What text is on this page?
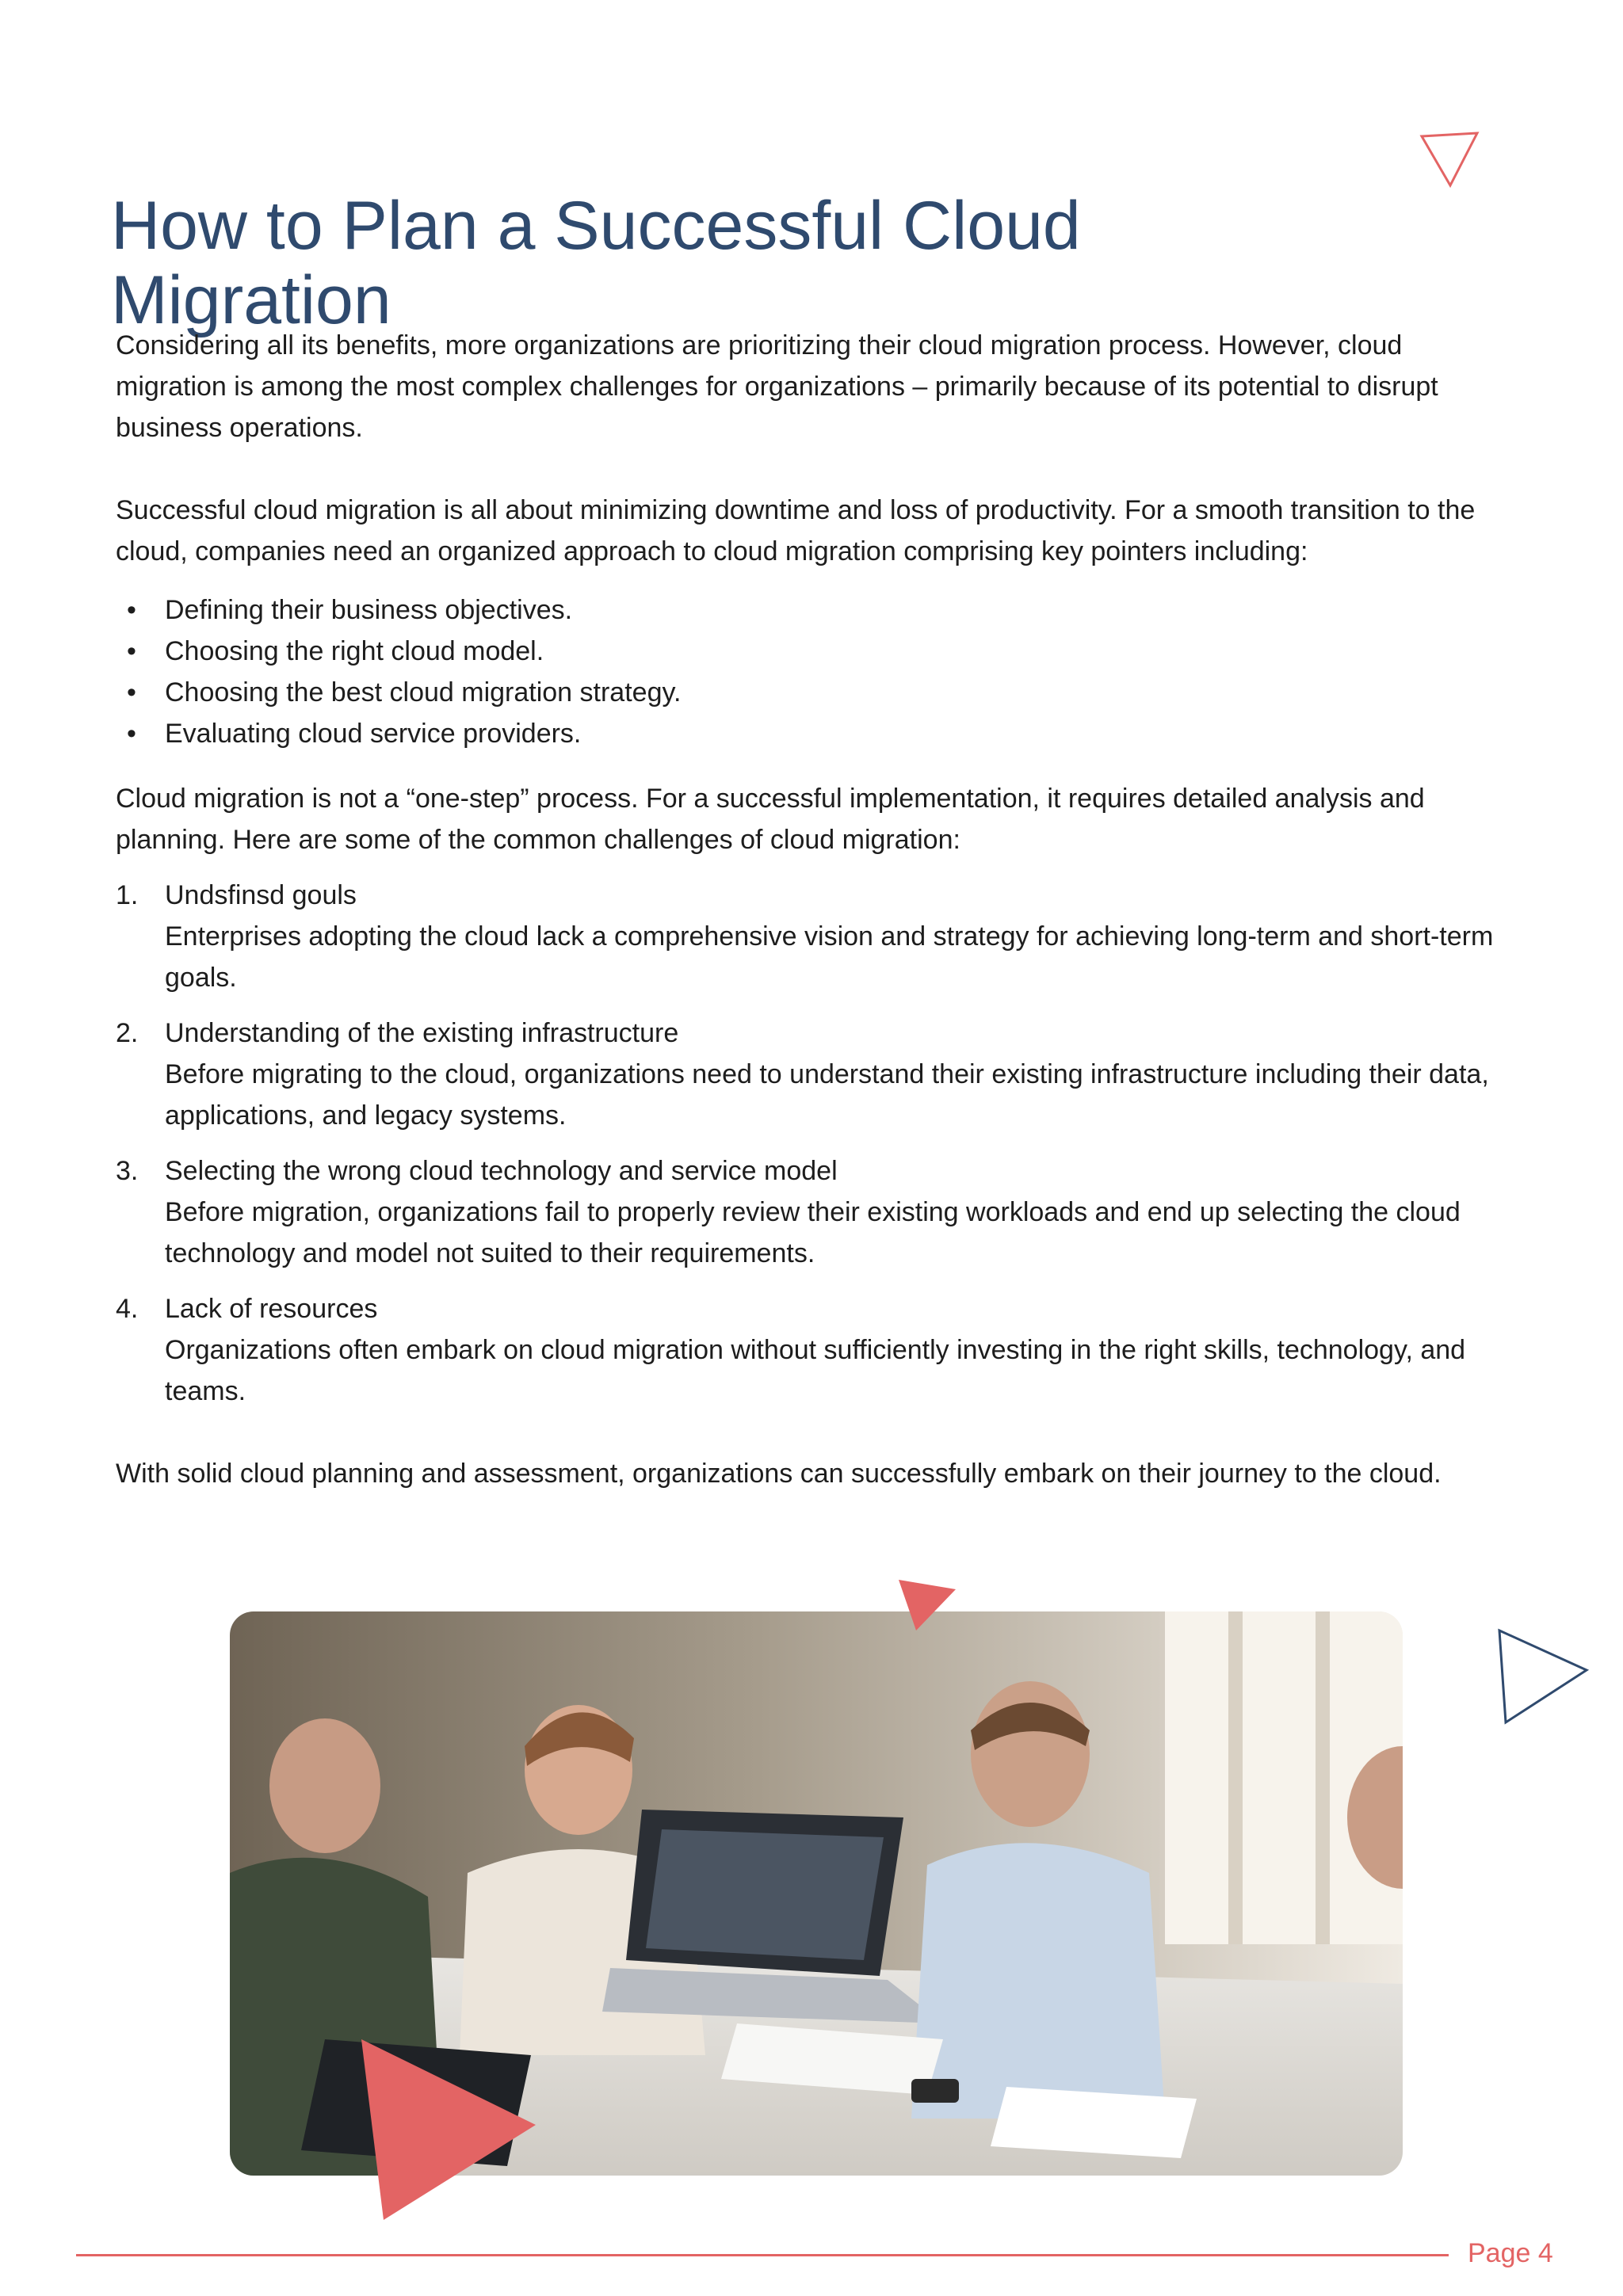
How to Plan a Successful Cloud Migration

Considering all its benefits, more organizations are prioritizing their cloud migration process. However, cloud migration is among the most complex challenges for organizations – primarily because of its potential to disrupt business operations.

Successful cloud migration is all about minimizing downtime and loss of productivity. For a smooth transition to the cloud, companies need an organized approach to cloud migration comprising key pointers including:

• Defining their business objectives.
• Choosing the right cloud model.
• Choosing the best cloud migration strategy.
• Evaluating cloud service providers.

Cloud migration is not a “one-step” process. For a successful implementation, it requires detailed analysis and planning. Here are some of the common challenges of cloud migration:

1. Undsfinsd gouls
Enterprises adopting the cloud lack a comprehensive vision and strategy for achieving long-term and short-term goals.
2. Understanding of the existing infrastructure
Before migrating to the cloud, organizations need to understand their existing infrastructure including their data, applications, and legacy systems.
3. Selecting the wrong cloud technology and service model
Before migration, organizations fail to properly review their existing workloads and end up selecting the cloud technology and model not suited to their requirements.
4. Lack of resources
Organizations often embark on cloud migration without sufficiently investing in the right skills, technology, and teams.

With solid cloud planning and assessment, organizations can successfully embark on their journey to the cloud.

Page 4
